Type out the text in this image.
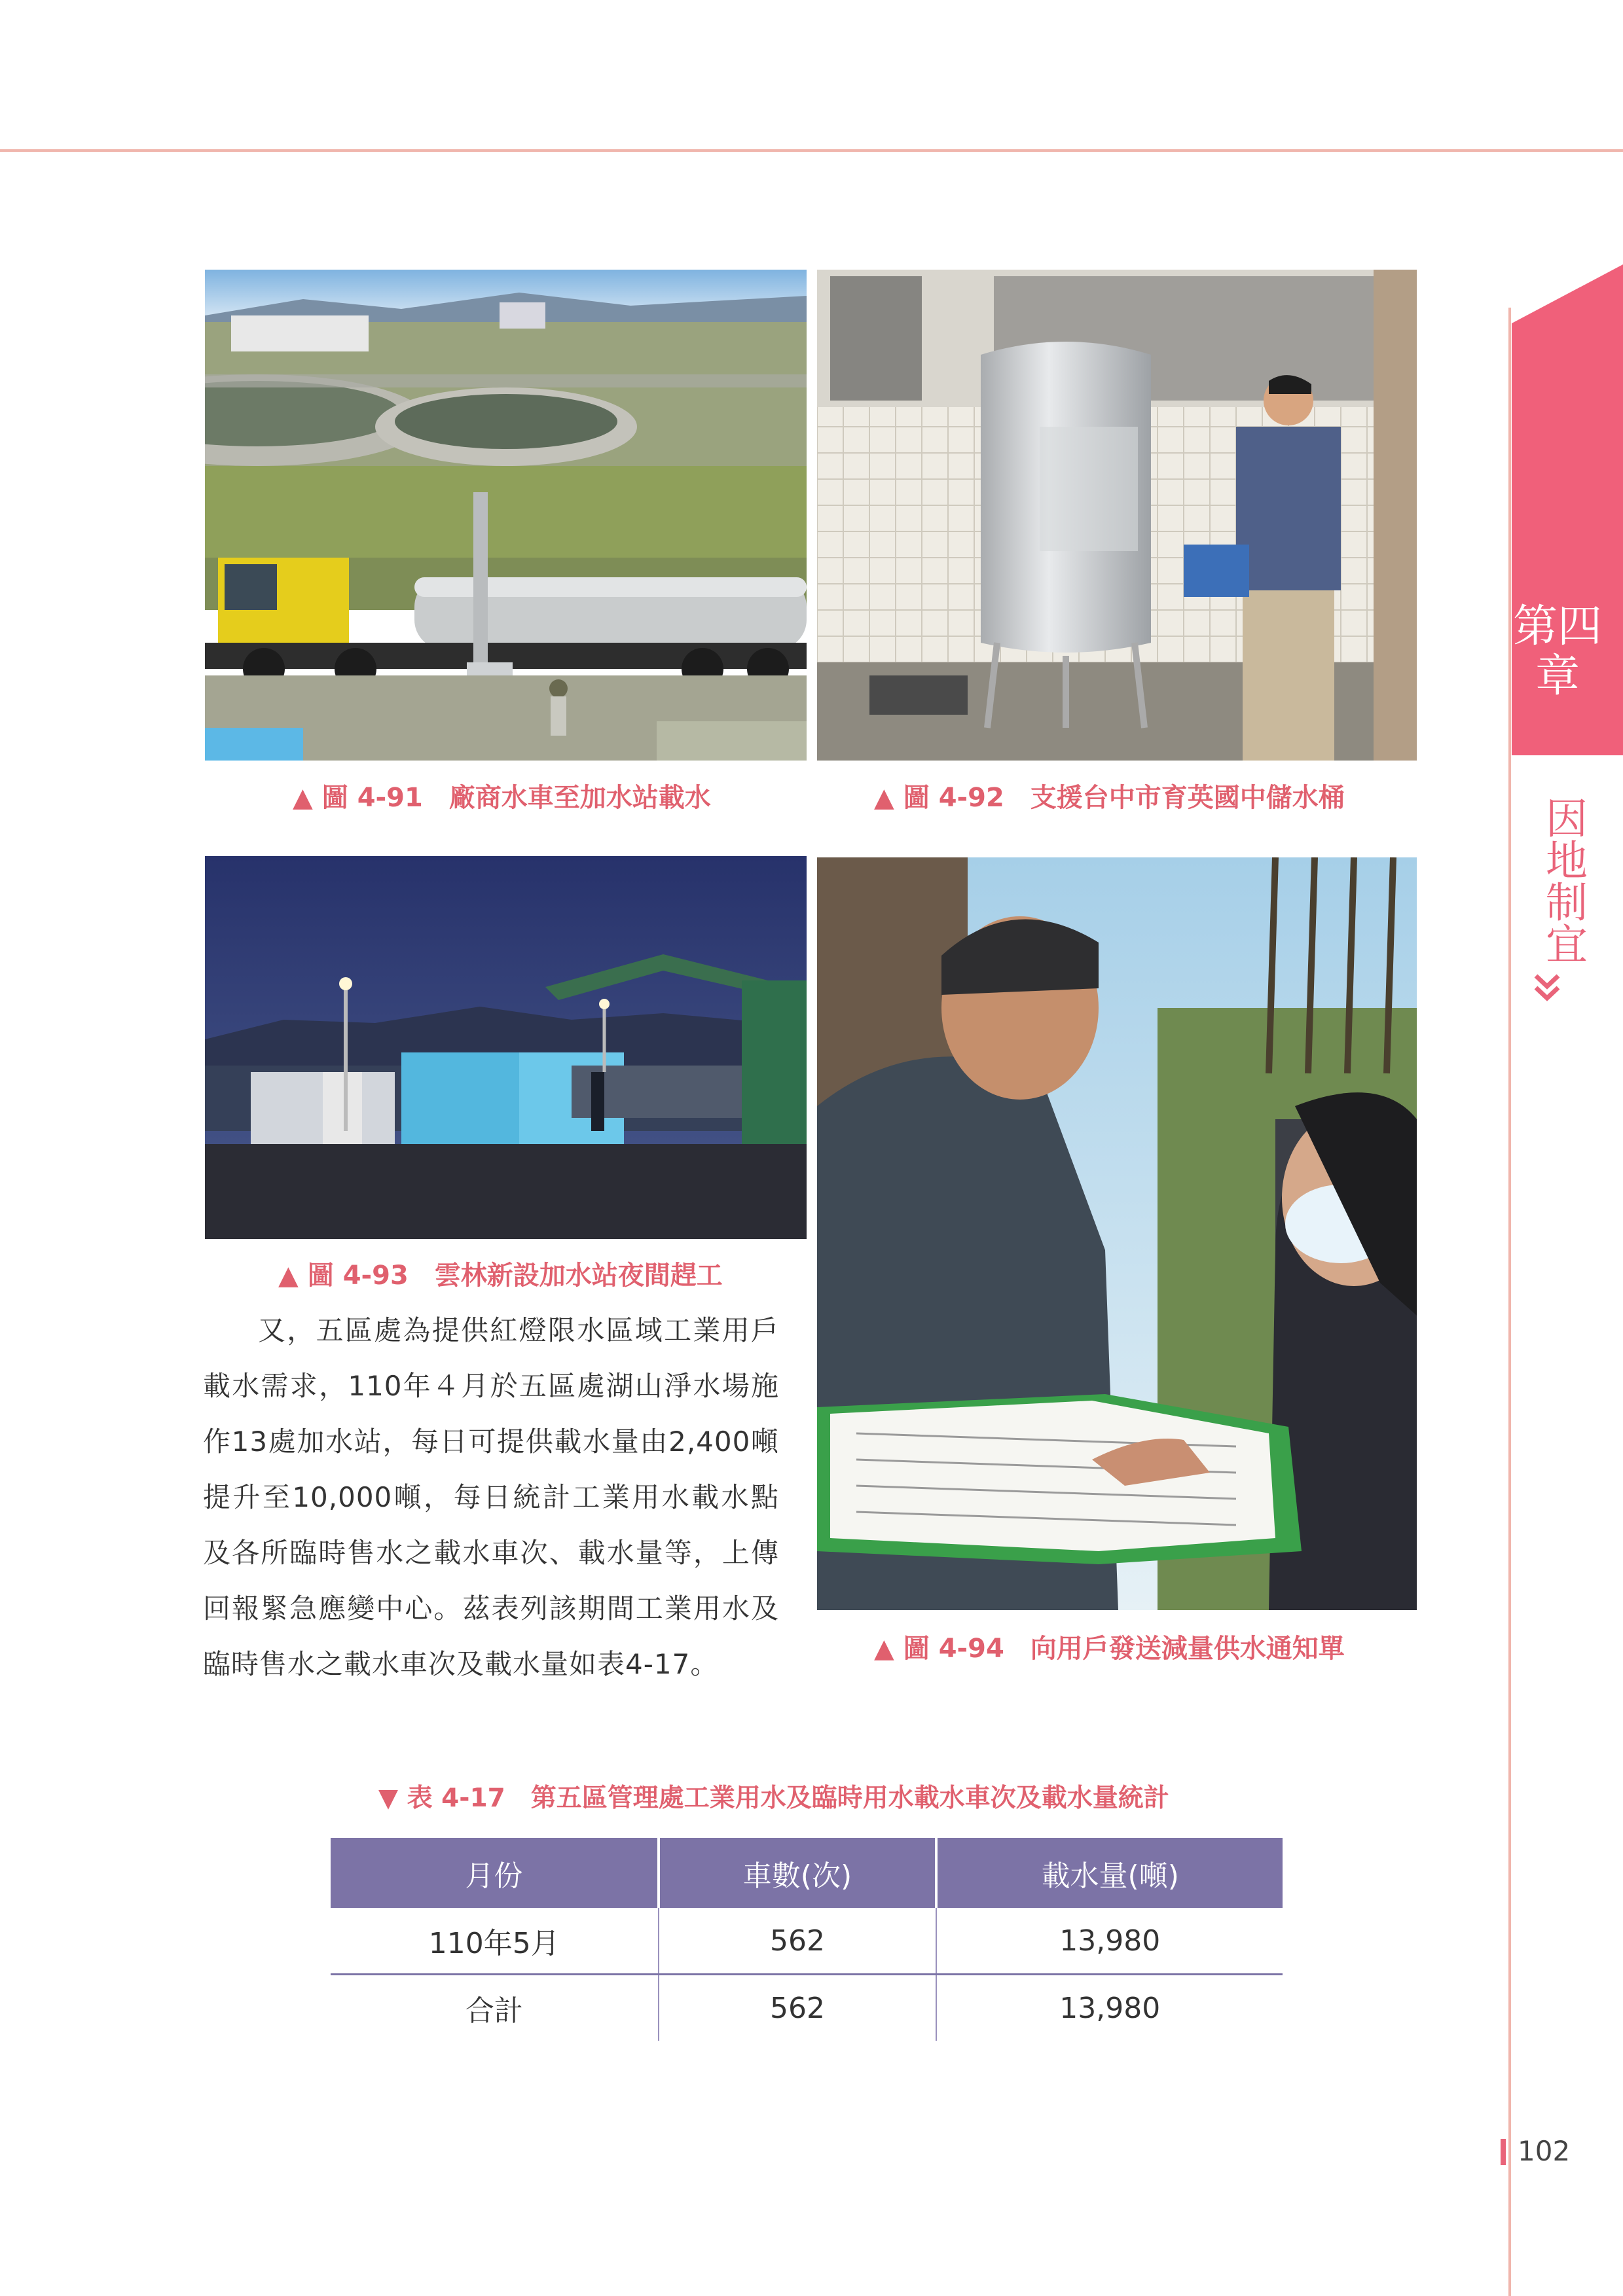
第四章
因地制宜
▲ 圖 4-91　廠商水車至加水站載水	▲ 圖 4-92　支援台中市育英國中儲水桶
▲ 圖 4-93　雲林新設加水站夜間趕工
▲ 圖 4-94　向用戶發送減量供水通知單
又，五區處為提供紅燈限水區域工業用戶載水需求，110年４月於五區處湖山淨水場施作13處加水站，每日可提供載水量由2,400噸提升至10,000噸，每日統計工業用水載水點及各所臨時售水之載水車次、載水量等，上傳回報緊急應變中心。茲表列該期間工業用水及臨時售水之載水車次及載水量如表4-17。
▼ 表 4-17　第五區管理處工業用水及臨時用水載水車次及載水量統計
月份	車數(次)	載水量(噸)
110年5月	562	13,980
合計	562	13,980
102
